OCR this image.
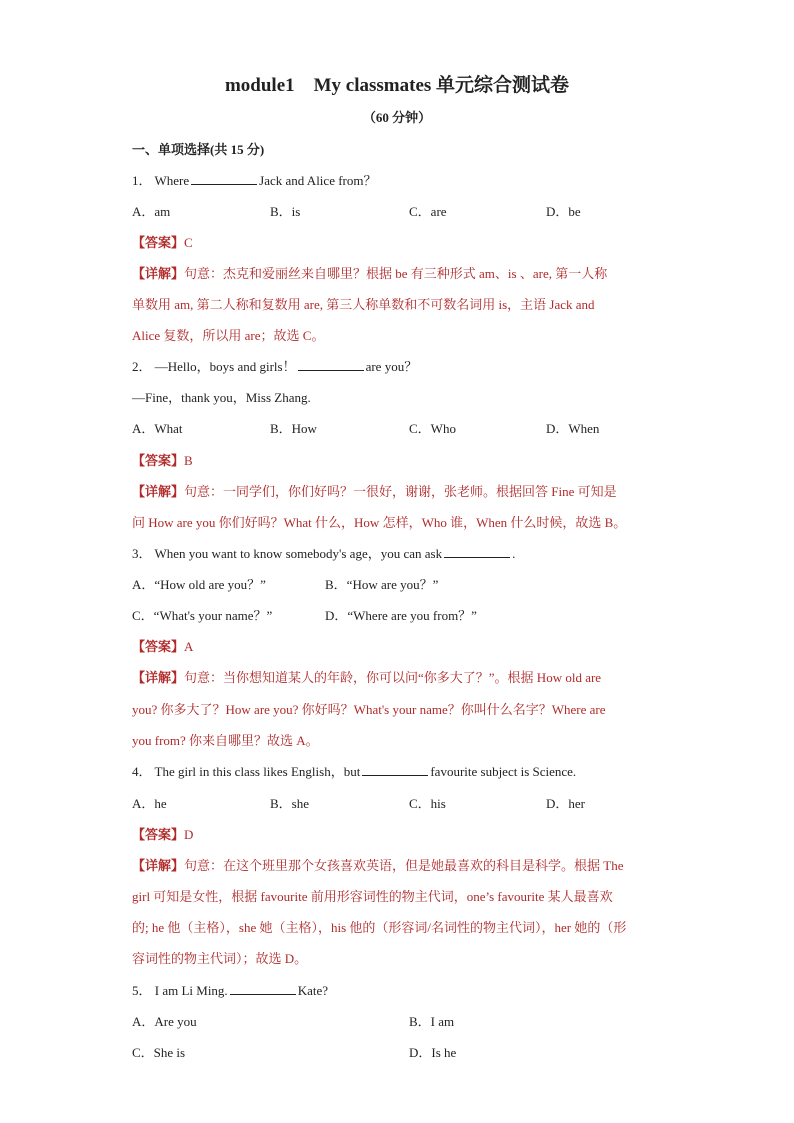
module1　My classmates 单元综合测试卷
（60 分钟）
一、单项选择(共 15 分)
1． Where	Jack and Alice from？
A．am	B．is	C．are	D．be
【答案】C
【详解】句意：杰克和爱丽丝来自哪里？根据 be 有三种形式 am、is 、are, 第一人称
单数用 am, 第二人称和复数用 are, 第三人称单数和不可数名词用 is，主语 Jack and
Alice 复数，所以用 are；故选 C。
2． —Hello，boys and girls！	are you？
—Fine，thank you，Miss Zhang.
A．What	B．How	C．Who	D．When
【答案】B
【详解】句意：一同学们，你们好吗？一很好，谢谢，张老师。根据回答 Fine 可知是
问 How are you 你们好吗？What 什么，How 怎样，Who 谁，When 什么时候，故选 B。
3． When you want to know somebody's age，you can ask	.
A．“How old are you？”	B．“How are you？”
C．“What's your name？”	D．“Where are you from？”
【答案】A
【详解】句意：当你想知道某人的年龄，你可以问“你多大了？”。根据 How old are
you? 你多大了？How are you? 你好吗？What's your name？你叫什么名字？Where are
you from? 你来自哪里？故选 A。
4． The girl in this class likes English，but	favourite subject is Science.
A．he	B．she	C．his	D．her
【答案】D
【详解】句意：在这个班里那个女孩喜欢英语，但是她最喜欢的科目是科学。根据 The
girl 可知是女性，根据 favourite 前用形容词性的物主代词，one’s favourite 某人最喜欢
的; he 他（主格），she 她（主格），his 他的（形容词/名词性的物主代词），her 她的（形
容词性的物主代词）；故选 D。
5． I am Li Ming.	Kate?
A．Are you	B．I am
C．She is	D．Is he
